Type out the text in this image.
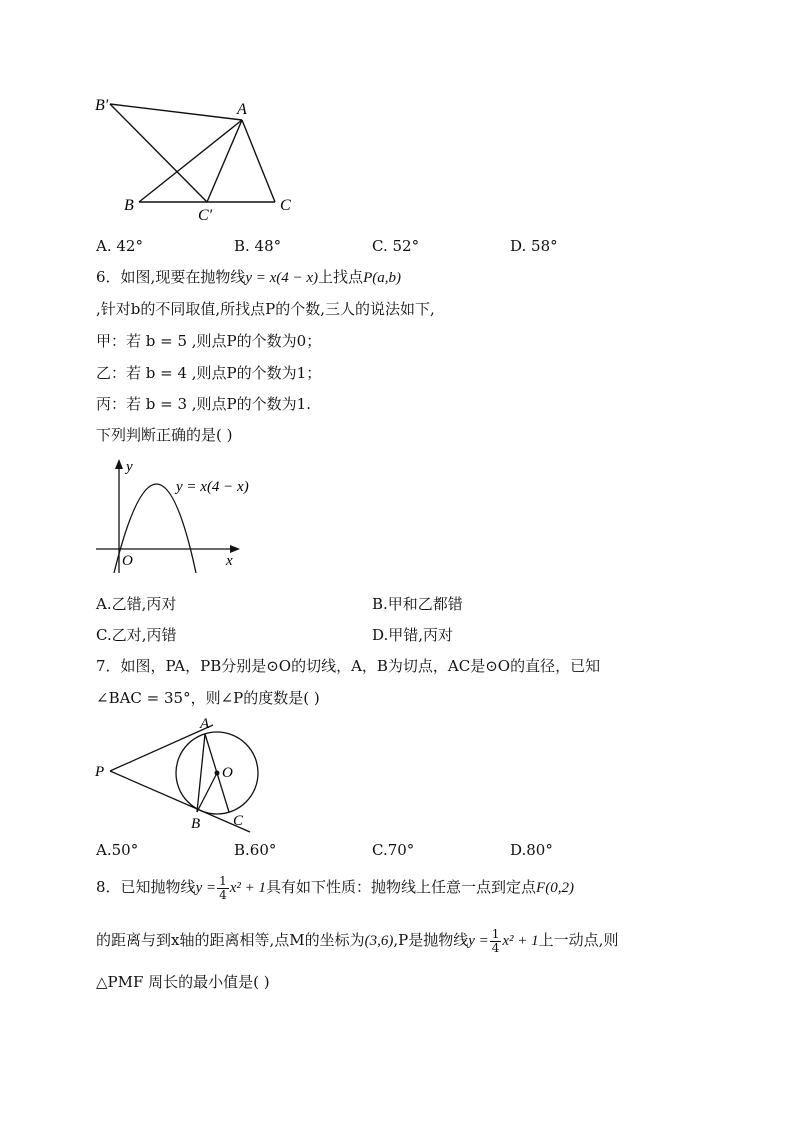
B′	A
B
C′
C
A. 42°	B. 48°	C. 52°	D. 58°
6．如图,现要在抛物线y = x(4 − x)上找点P(a,b)
,针对b的不同取值,所找点P的个数,三人的说法如下,
甲：若 b = 5 ,则点P的个数为0；
乙：若 b = 4 ,则点P的个数为1；
丙：若 b = 3 ,则点P的个数为1.
下列判断正确的是( )
y
x
O
y = x(4 − x)
A.乙错,丙对	B.甲和乙都错
C.乙对,丙错	D.甲错,丙对
7．如图，PA，PB分别是⊙O的切线，A，B为切点，AC是⊙O的直径，已知
∠BAC = 35°，则∠P的度数是( )
P
A
O
B C
A.50°	B.60°	C.70°	D.80°
8．已知抛物线$y = \frac{1}{4} x^2 + 1$具有如下性质：抛物线上任意一点到定点F(0,2)
的距离与到x轴的距离相等,点M的坐标为(3,6),P是抛物线$y = \frac{1}{4} x^2 + 1$上一动点,则
△PMF 周长的最小值是( )
